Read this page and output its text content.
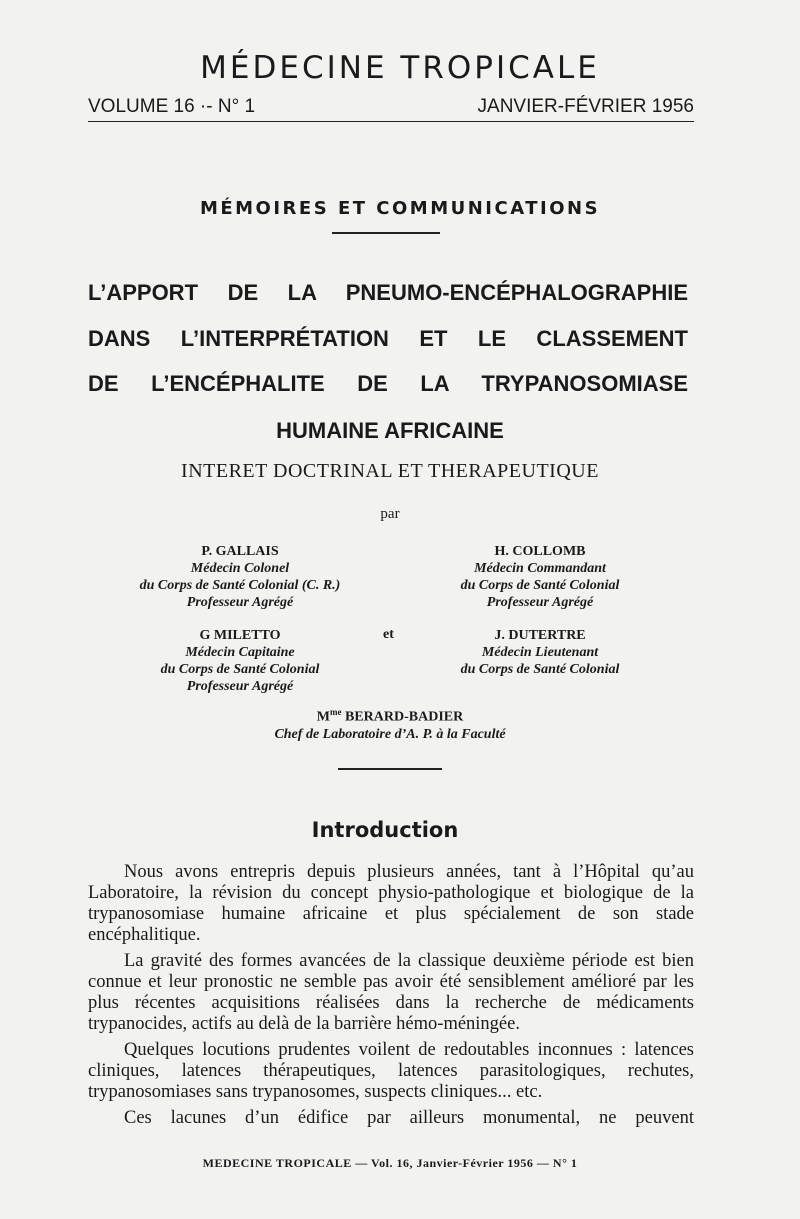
MÉDECINE TROPICALE
VOLUME 16 ·- N° 1	JANVIER-FÉVRIER 1956
MÉMOIRES ET COMMUNICATIONS
L’APPORT DE LA PNEUMO-ENCÉPHALOGRAPHIE
DANS L’INTERPRÉTATION ET LE CLASSEMENT
DE L’ENCÉPHALITE DE LA TRYPANOSOMIASE
HUMAINE AFRICAINE
INTERET DOCTRINAL ET THERAPEUTIQUE
par
P. GALLAIS
Médecin Colonel
du Corps de Santé Colonial (C. R.)
Professeur Agrégé
H. COLLOMB
Médecin Commandant
du Corps de Santé Colonial
Professeur Agrégé
et
G MILETTO
Médecin Capitaine
du Corps de Santé Colonial
Professeur Agrégé
J. DUTERTRE
Médecin Lieutenant
du Corps de Santé Colonial
$M^{me}$ BERARD-BADIER
Chef de Laboratoire d’A. P. à la Faculté
Introduction

Nous avons entrepris depuis plusieurs années, tant à l’Hôpital qu’au Laboratoire, la révision du concept physio-pathologique et biologique de la trypanosomiase humaine africaine et plus spécialement de son stade encéphalitique.

La gravité des formes avancées de la classique deuxième période est bien connue et leur pronostic ne semble pas avoir été sensiblement amélioré par les plus récentes acquisitions réalisées dans la recherche de médicaments trypanocides, actifs au delà de la barrière hémo-méningée.

Quelques locutions prudentes voilent de redoutables inconnues : latences cliniques, latences thérapeutiques, latences parasitologiques, rechutes, trypanosomiases sans trypanosomes, suspects cliniques... etc.

Ces lacunes d’un édifice par ailleurs monumental, ne peuvent

MEDECINE TROPICALE — Vol. 16, Janvier-Février 1956 — N° 1
